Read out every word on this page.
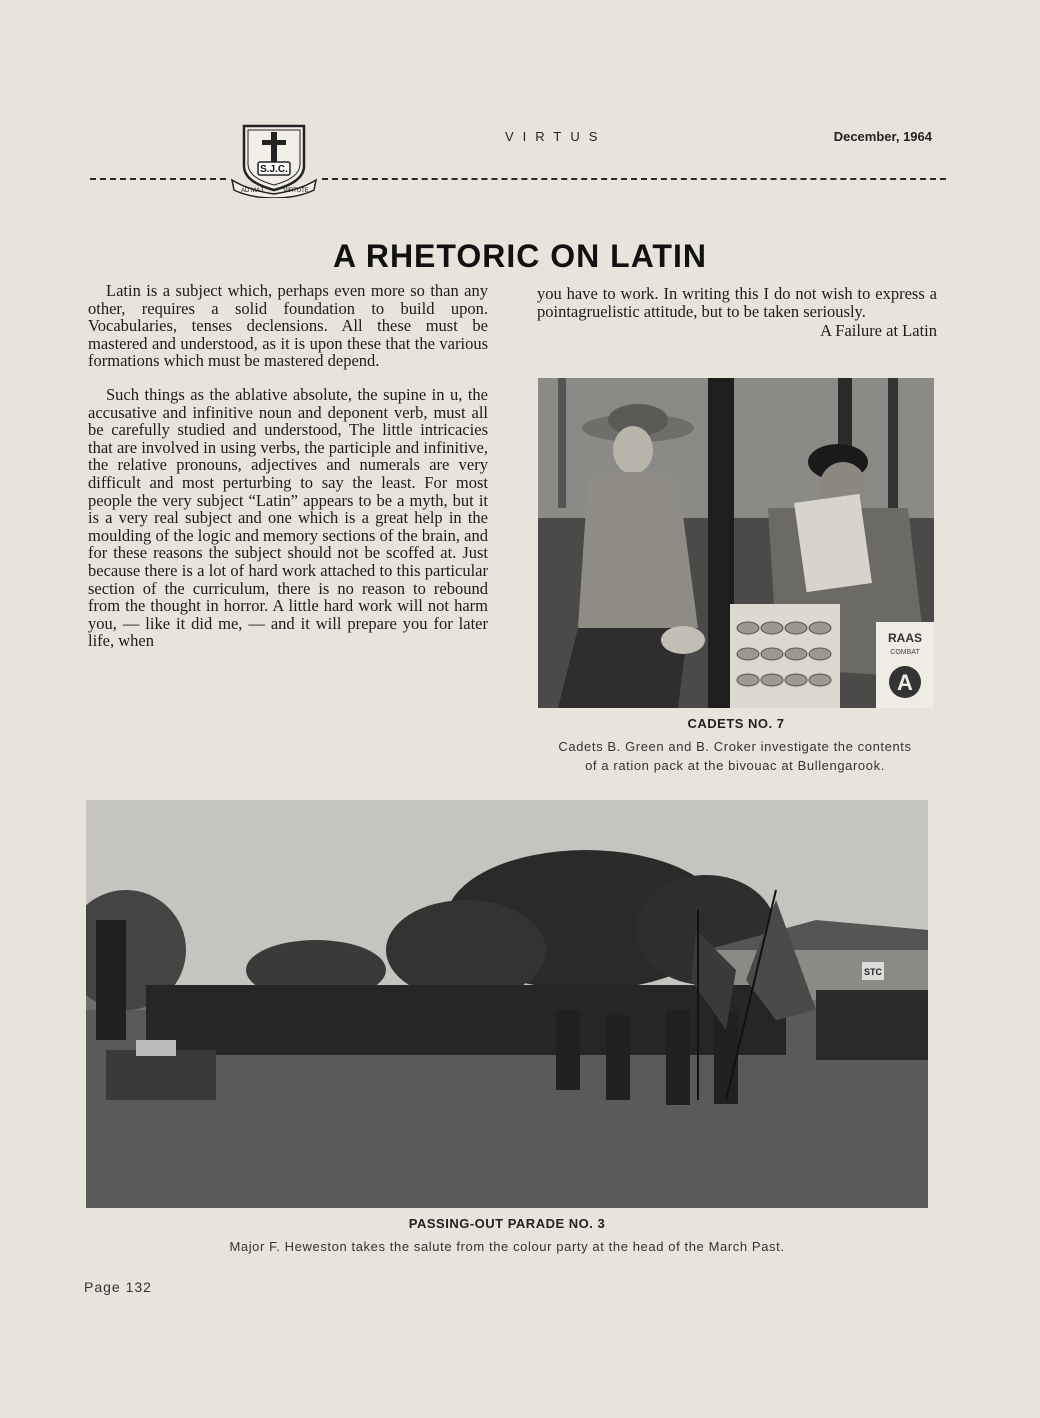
S.J.C.
AD MAJ	VIRTUTE
VIRTUS	December, 1964
A RHETORIC ON LATIN

Latin is a subject which, perhaps even more so than any other, requires a solid foundation to build upon. Vocabularies, tenses declensions. All these must be mastered and understood, as it is upon these that the various formations which must be mastered depend.

Such things as the ablative absolute, the supine in u, the accusative and infinitive noun and deponent verb, must all be carefully studied and understood, The little intricacies that are involved in using verbs, the participle and infinitive, the relative pronouns, adjectives and numerals are very difficult and most perturbing to say the least. For most people the very subject “Latin” appears to be a myth, but it is a very real subject and one which is a great help in the moulding of the logic and memory sections of the brain, and for these reasons the subject should not be scoffed at. Just because there is a lot of hard work attached to this particular section of the curriculum, there is no reason to rebound from the thought in horror. A little hard work will not harm you, — like it did me, — and it will prepare you for later life, when

you have to work. In writing this I do not wish to express a pointagruelistic attitude, but to be taken seriously.
A Failure at Latin
RAAS
COMBAT
A
CADETS NO. 7
Cadets B. Green and B. Croker investigate the contents
of a ration pack at the bivouac at Bullengarook.
STC
PASSING-OUT PARADE NO. 3
Major F. Heweston takes the salute from the colour party at the head of the March Past.
Page 132
